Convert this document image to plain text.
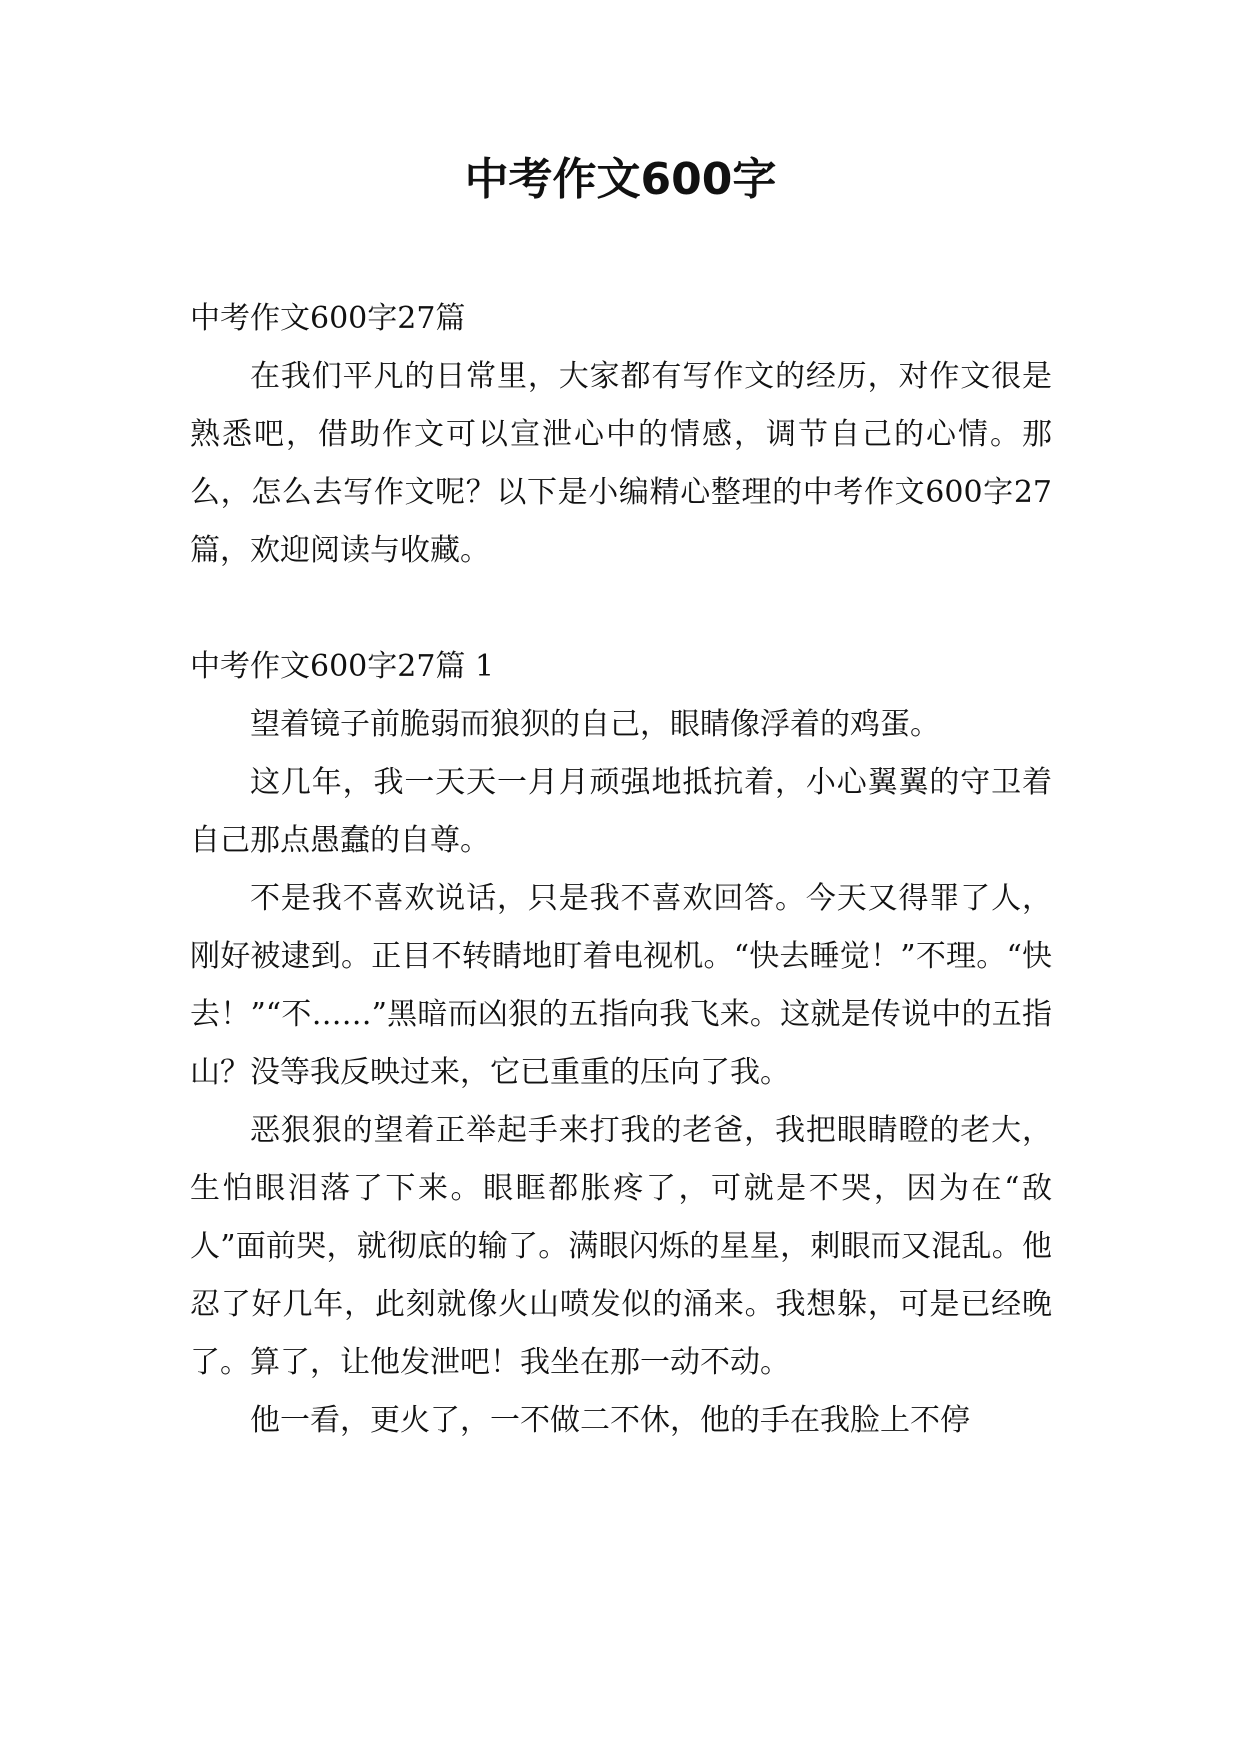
中考作文600字
中考作文600字27篇

在我们平凡的日常里，大家都有写作文的经历，对作文很是熟悉吧，借助作文可以宣泄心中的情感，调节自己的心情。那么，怎么去写作文呢？以下是小编精心整理的中考作文600字27篇，欢迎阅读与收藏。

中考作文600字27篇 1

望着镜子前脆弱而狼狈的自己，眼睛像浮着的鸡蛋。

这几年，我一天天一月月顽强地抵抗着，小心翼翼的守卫着自己那点愚蠢的自尊。

不是我不喜欢说话，只是我不喜欢回答。今天又得罪了人，刚好被逮到。正目不转睛地盯着电视机。“快去睡觉！”不理。“快去！”“不……”黑暗而凶狠的五指向我飞来。这就是传说中的五指山？没等我反映过来，它已重重的压向了我。

恶狠狠的望着正举起手来打我的老爸，我把眼睛瞪的老大，生怕眼泪落了下来。眼眶都胀疼了，可就是不哭，因为在“敌人”面前哭，就彻底的输了。满眼闪烁的星星，刺眼而又混乱。他忍了好几年，此刻就像火山喷发似的涌来。我想躲，可是已经晚了。算了，让他发泄吧！我坐在那一动不动。

他一看，更火了，一不做二不休，他的手在我脸上不停
